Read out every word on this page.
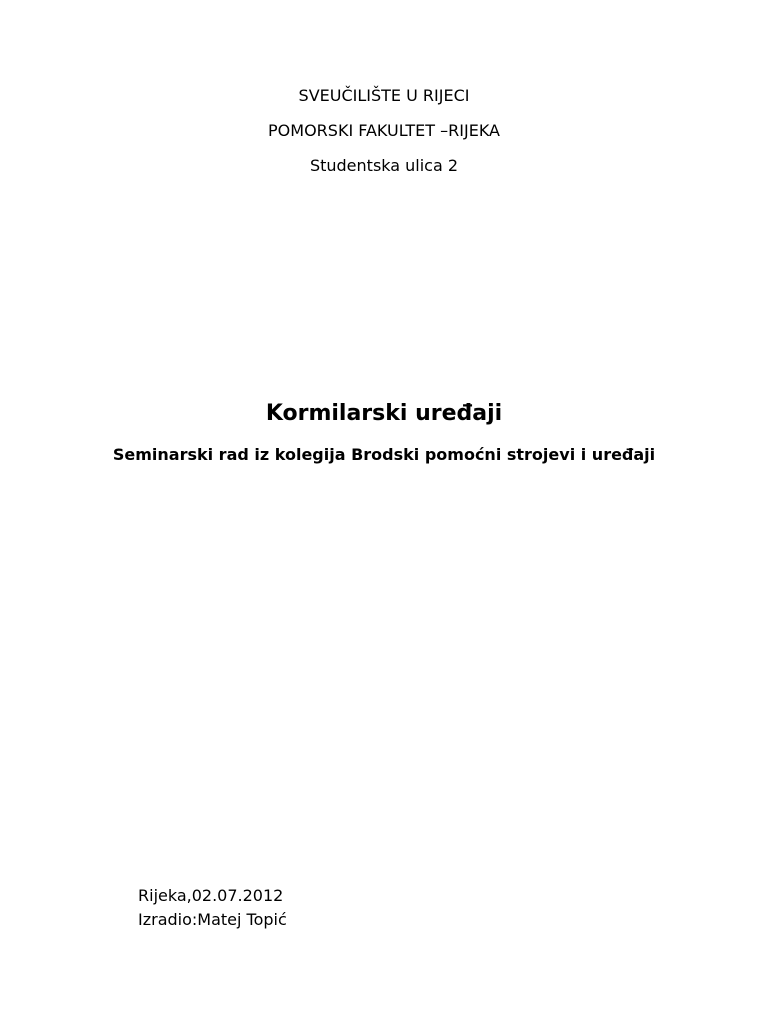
SVEUČILIŠTE U RIJECI
POMORSKI FAKULTET –RIJEKA
Studentska ulica 2
Kormilarski uređaji
Seminarski rad iz kolegija Brodski pomoćni strojevi i uređaji
Rijeka,02.07.2012
Izradio:Matej Topić
